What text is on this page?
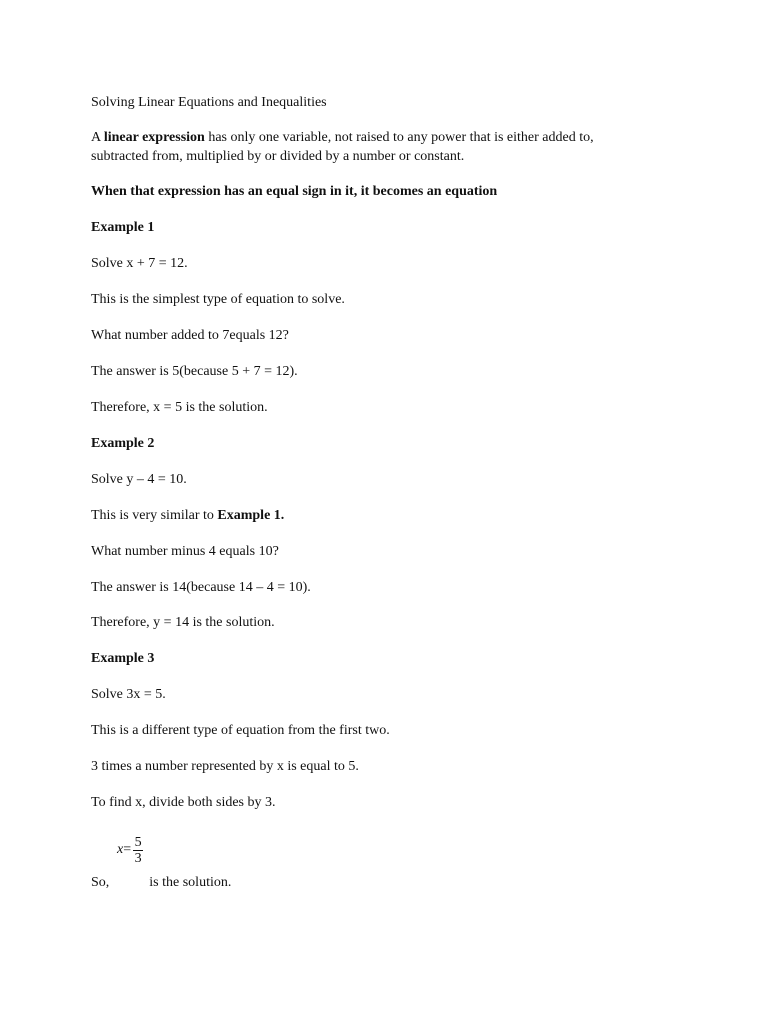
Solving Linear Equations and Inequalities
A linear expression has only one variable, not raised to any power that is either added to,
subtracted from, multiplied by or divided by a number or constant.
When that expression has an equal sign in it, it becomes an equation
Example 1
Solve x + 7 = 12.
This is the simplest type of equation to solve.
What number added to 7equals 12?
The answer is 5(because 5 + 7 = 12).
Therefore, x = 5 is the solution.
Example 2
Solve y – 4 = 10.
This is very similar to Example 1.
What number minus 4 equals 10?
The answer is 14(because 14 – 4 = 10).
Therefore, y = 14 is the solution.
Example 3
Solve 3x = 5.
This is a different type of equation from the first two.
3 times a number represented by x is equal to 5.
To find x, divide both sides by 3.
$x = \frac{5}{3}$
So,	is the solution.
